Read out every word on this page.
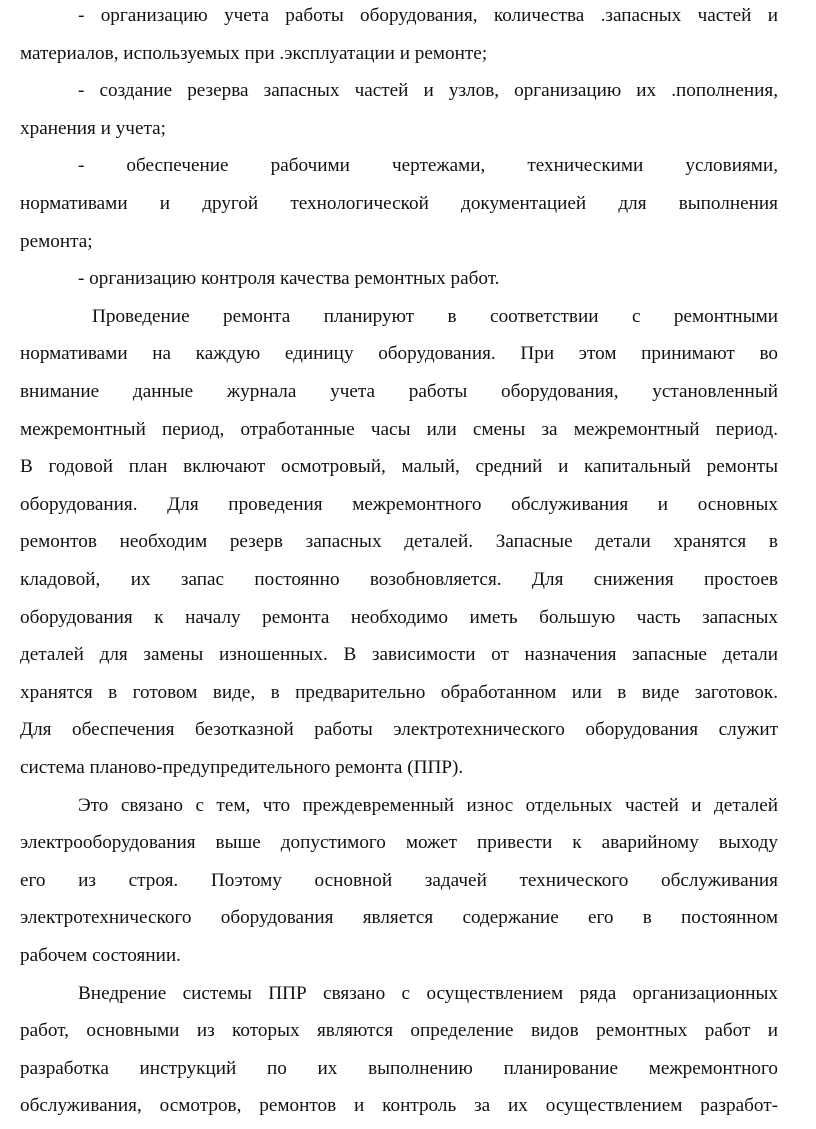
- организацию учета работы оборудования, количества .запасных частей и
материалов, используемых при .эксплуатации и ремонте;
- создание резерва запасных частей и узлов, организацию их .пополнения,
хранения и учета;
- обеспечение рабочими чертежами, техническими условиями,
нормативами и другой технологической документацией для выполнения
ремонта;
- организацию контроля качества ремонтных работ.
Проведение ремонта планируют в соответствии с ремонтными
нормативами на каждую единицу оборудования. При этом принимают во
внимание данные журнала учета работы оборудования, установленный
межремонтный период, отработанные часы или смены за межремонтный период.
В годовой план включают осмотровый, малый, средний и капитальный ремонты
оборудования. Для проведения межремонтного обслуживания и основных
ремонтов необходим резерв запасных деталей. Запасные детали хранятся в
кладовой, их запас постоянно возобновляется. Для снижения простоев
оборудования к началу ремонта необходимо иметь большую часть запасных
деталей для замены изношенных. В зависимости от назначения запасные детали
хранятся в готовом виде, в предварительно обработанном или в виде заготовок.
Для обеспечения безотказной работы электротехнического оборудования служит
система планово-предупредительного ремонта (ППР).
Это связано с тем, что преждевременный износ отдельных частей и деталей
электрооборудования выше допустимого может привести к аварийному выходу
его из строя. Поэтому основной задачей технического обслуживания
электротехнического оборудования является содержание его в постоянном
рабочем состоянии.
Внедрение системы ППР связано с осуществлением ряда организационных
работ, основными из которых являются определение видов ремонтных работ и
разработка инструкций по их выполнению планирование межремонтного
обслуживания, осмотров, ремонтов и контроль за их осуществлением разработ-
